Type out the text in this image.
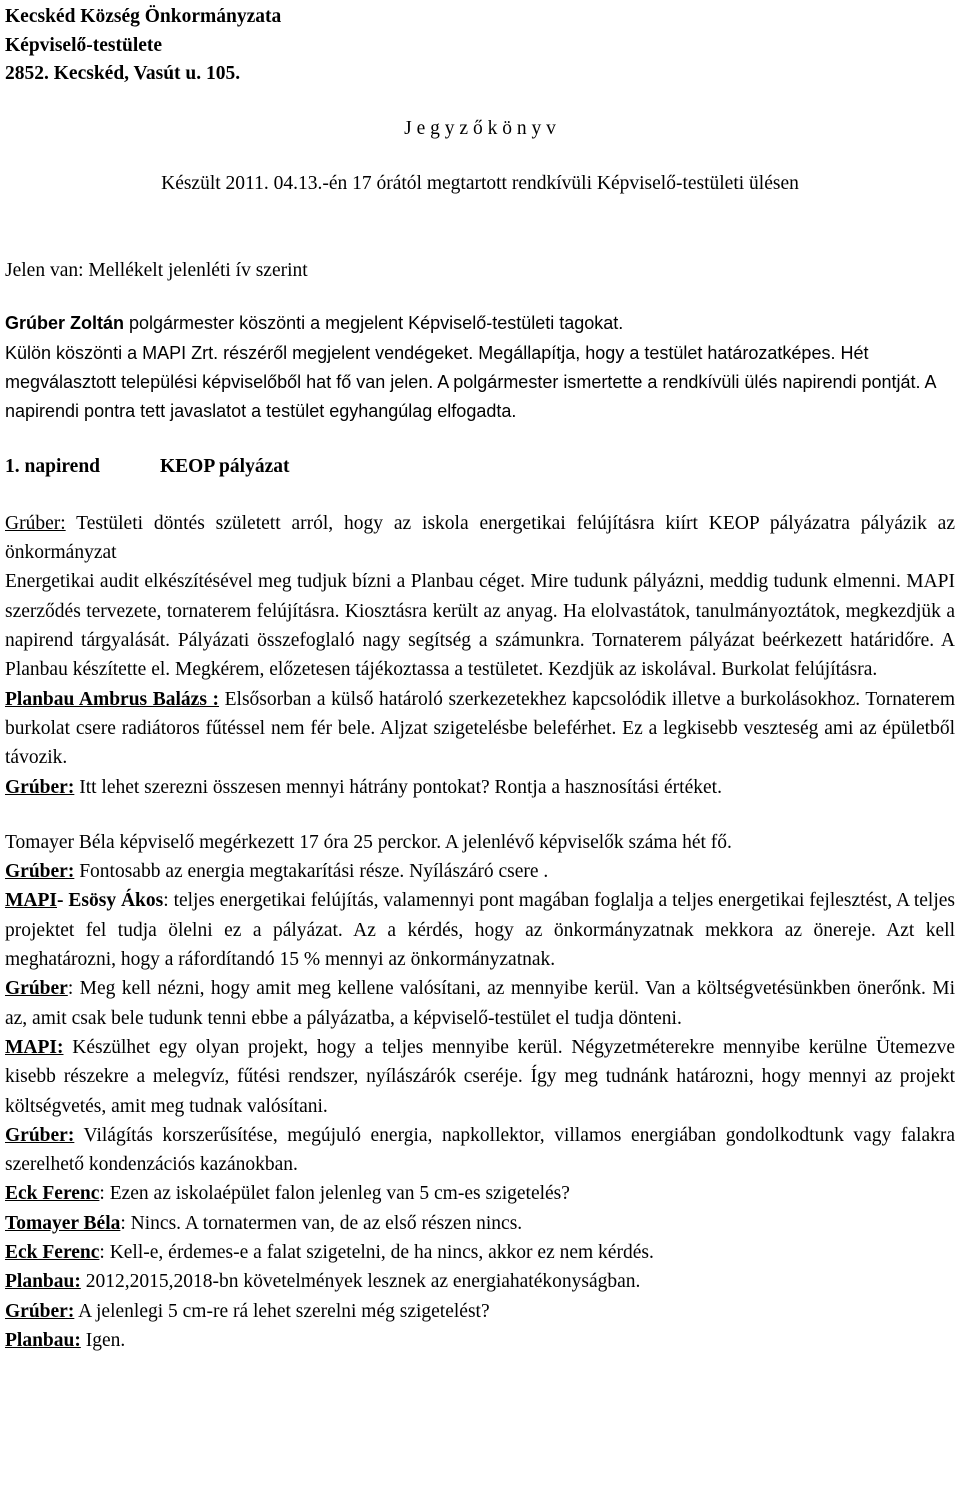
Kecskéd Község Önkormányzata
Képviselő-testülete
2852. Kecskéd, Vasút u. 105.
J e g y z ő k ö n y v
Készült 2011. 04.13.-én 17 órától megtartott rendkívüli Képviselő-testületi ülésen
Jelen van: Mellékelt jelenléti ív szerint

Grúber Zoltán polgármester köszönti a megjelent Képviselő-testületi tagokat.
Külön köszönti a MAPI Zrt. részéről megjelent vendégeket. Megállapítja, hogy a testület határozatképes. Hét megválasztott települési képviselőből hat fő van jelen. A polgármester ismertette a rendkívüli ülés napirendi pontját. A napirendi pontra tett javaslatot a testület egyhangúlag elfogadta.

1. napirend	KEOP pályázat

Grúber: Testületi döntés született arról, hogy az iskola energetikai felújításra kiírt KEOP pályázatra pályázik az önkormányzat

Energetikai audit elkészítésével meg tudjuk bízni a Planbau céget. Mire tudunk pályázni, meddig tudunk elmenni. MAPI szerződés tervezete, tornaterem felújításra. Kiosztásra került az anyag. Ha elolvastátok, tanulmányoztátok, megkezdjük a napirend tárgyalását. Pályázati összefoglaló nagy segítség a számunkra. Tornaterem pályázat beérkezett határidőre. A Planbau készítette el. Megkérem, előzetesen tájékoztassa a testületet. Kezdjük az iskolával. Burkolat felújításra.

Planbau Ambrus Balázs : Elsősorban a külső határoló szerkezetekhez kapcsolódik illetve a burkolásokhoz. Tornaterem burkolat csere radiátoros fűtéssel nem fér bele. Aljzat szigetelésbe beleférhet. Ez a legkisebb veszteség ami az épületből távozik.

Grúber: Itt lehet szerezni összesen mennyi hátrány pontokat? Rontja a hasznosítási értéket.

Tomayer Béla képviselő megérkezett 17 óra 25 perckor. A jelenlévő képviselők száma hét fő.

Grúber: Fontosabb az energia megtakarítási része. Nyílászáró csere .

MAPI- Esösy Ákos: teljes energetikai felújítás, valamennyi pont magában foglalja a teljes energetikai fejlesztést, A teljes projektet fel tudja ölelni ez a pályázat. Az a kérdés, hogy az önkormányzatnak mekkora az önereje. Azt kell meghatározni, hogy a ráfordítandó 15 % mennyi az önkormányzatnak.

Grúber: Meg kell nézni, hogy amit meg kellene valósítani, az mennyibe kerül. Van a költségvetésünkben önerőnk. Mi az, amit csak bele tudunk tenni ebbe a pályázatba, a képviselő-testület el tudja dönteni.

MAPI: Készülhet egy olyan projekt, hogy a teljes mennyibe kerül. Négyzetméterekre mennyibe kerülne Ütemezve kisebb részekre a melegvíz, fűtési rendszer, nyílászárók cseréje. Így meg tudnánk határozni, hogy mennyi az projekt költségvetés, amit meg tudnak valósítani.

Grúber: Világítás korszerűsítése, megújuló energia, napkollektor, villamos energiában gondolkodtunk vagy falakra szerelhető kondenzációs kazánokban.

Eck Ferenc: Ezen az iskolaépület falon jelenleg van 5 cm-es szigetelés?

Tomayer Béla: Nincs. A tornatermen van, de az első részen nincs.

Eck Ferenc: Kell-e, érdemes-e a falat szigetelni, de ha nincs, akkor ez nem kérdés.

Planbau: 2012,2015,2018-bn követelmények lesznek az energiahatékonyságban.

Grúber: A jelenlegi 5 cm-re rá lehet szerelni még szigetelést?

Planbau: Igen.
